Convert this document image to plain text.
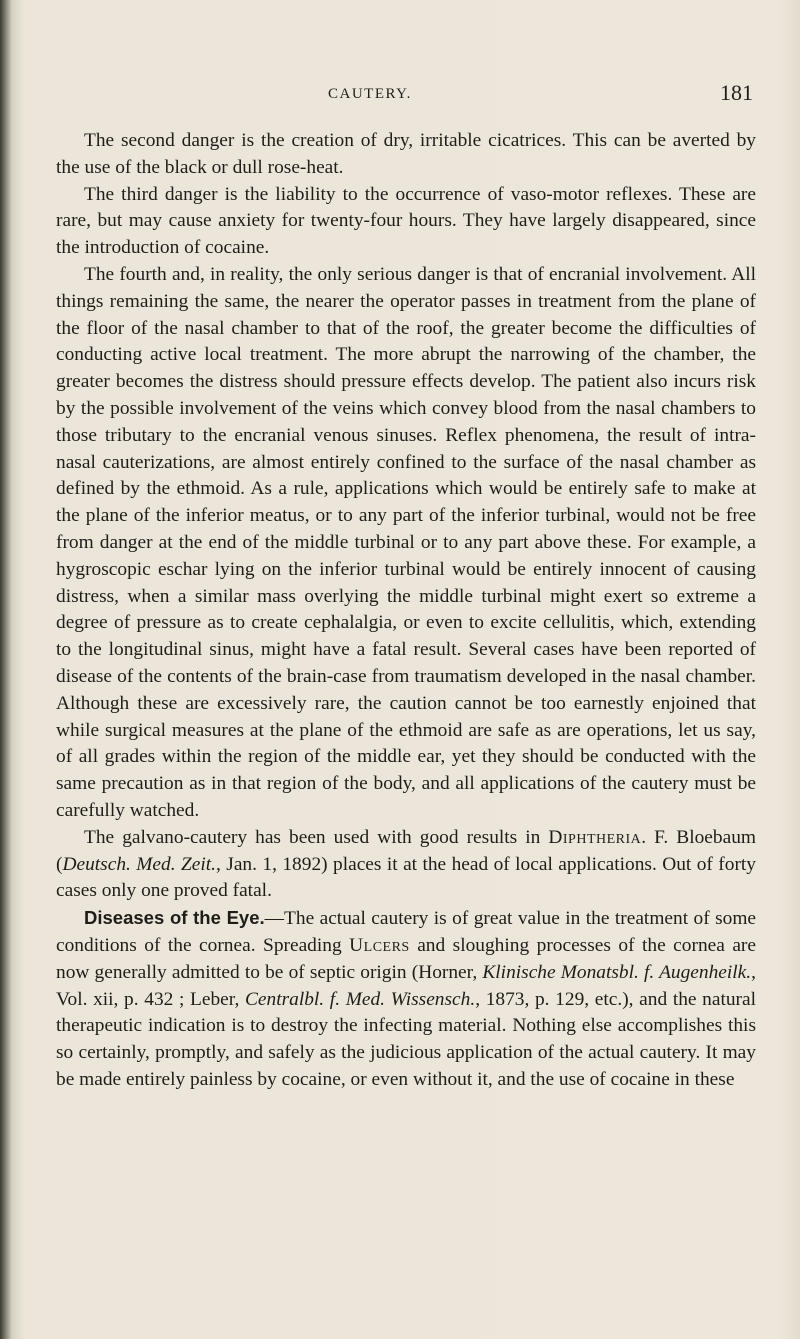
CAUTERY.	181

The second danger is the creation of dry, irritable cicatrices. This can be averted by the use of the black or dull rose-heat.

The third danger is the liability to the occurrence of vaso-motor reflexes. These are rare, but may cause anxiety for twenty-four hours. They have largely disappeared, since the introduction of cocaine.

The fourth and, in reality, the only serious danger is that of encranial involvement. All things remaining the same, the nearer the operator passes in treatment from the plane of the floor of the nasal chamber to that of the roof, the greater become the difficulties of conducting active local treatment. The more abrupt the narrowing of the chamber, the greater becomes the distress should pressure effects develop. The patient also incurs risk by the possible involvement of the veins which convey blood from the nasal chambers to those tributary to the encranial venous sinuses. Reflex phenomena, the result of intra-nasal cauterizations, are almost entirely confined to the surface of the nasal chamber as defined by the ethmoid. As a rule, applications which would be entirely safe to make at the plane of the inferior meatus, or to any part of the inferior turbinal, would not be free from danger at the end of the middle turbinal or to any part above these. For example, a hygroscopic eschar lying on the inferior turbinal would be entirely innocent of causing distress, when a similar mass overlying the middle turbinal might exert so extreme a degree of pressure as to create cephalalgia, or even to excite cellulitis, which, extending to the longitudinal sinus, might have a fatal result. Several cases have been reported of disease of the contents of the brain-case from traumatism developed in the nasal chamber. Although these are excessively rare, the caution cannot be too earnestly enjoined that while surgical measures at the plane of the ethmoid are safe as are operations, let us say, of all grades within the region of the middle ear, yet they should be conducted with the same precaution as in that region of the body, and all applications of the cautery must be carefully watched.

The galvano-cautery has been used with good results in Diphtheria. F. Bloebaum (Deutsch. Med. Zeit., Jan. 1, 1892) places it at the head of local applications. Out of forty cases only one proved fatal.

Diseases of the Eye.—The actual cautery is of great value in the treatment of some conditions of the cornea. Spreading Ulcers and sloughing processes of the cornea are now generally admitted to be of septic origin (Horner, Klinische Monatsbl. f. Augenheilk., Vol. xii, p. 432 ; Leber, Centralbl. f. Med. Wissensch., 1873, p. 129, etc.), and the natural therapeutic indication is to destroy the infecting material. Nothing else accomplishes this so certainly, promptly, and safely as the judicious application of the actual cautery. It may be made entirely painless by cocaine, or even without it, and the use of cocaine in these
